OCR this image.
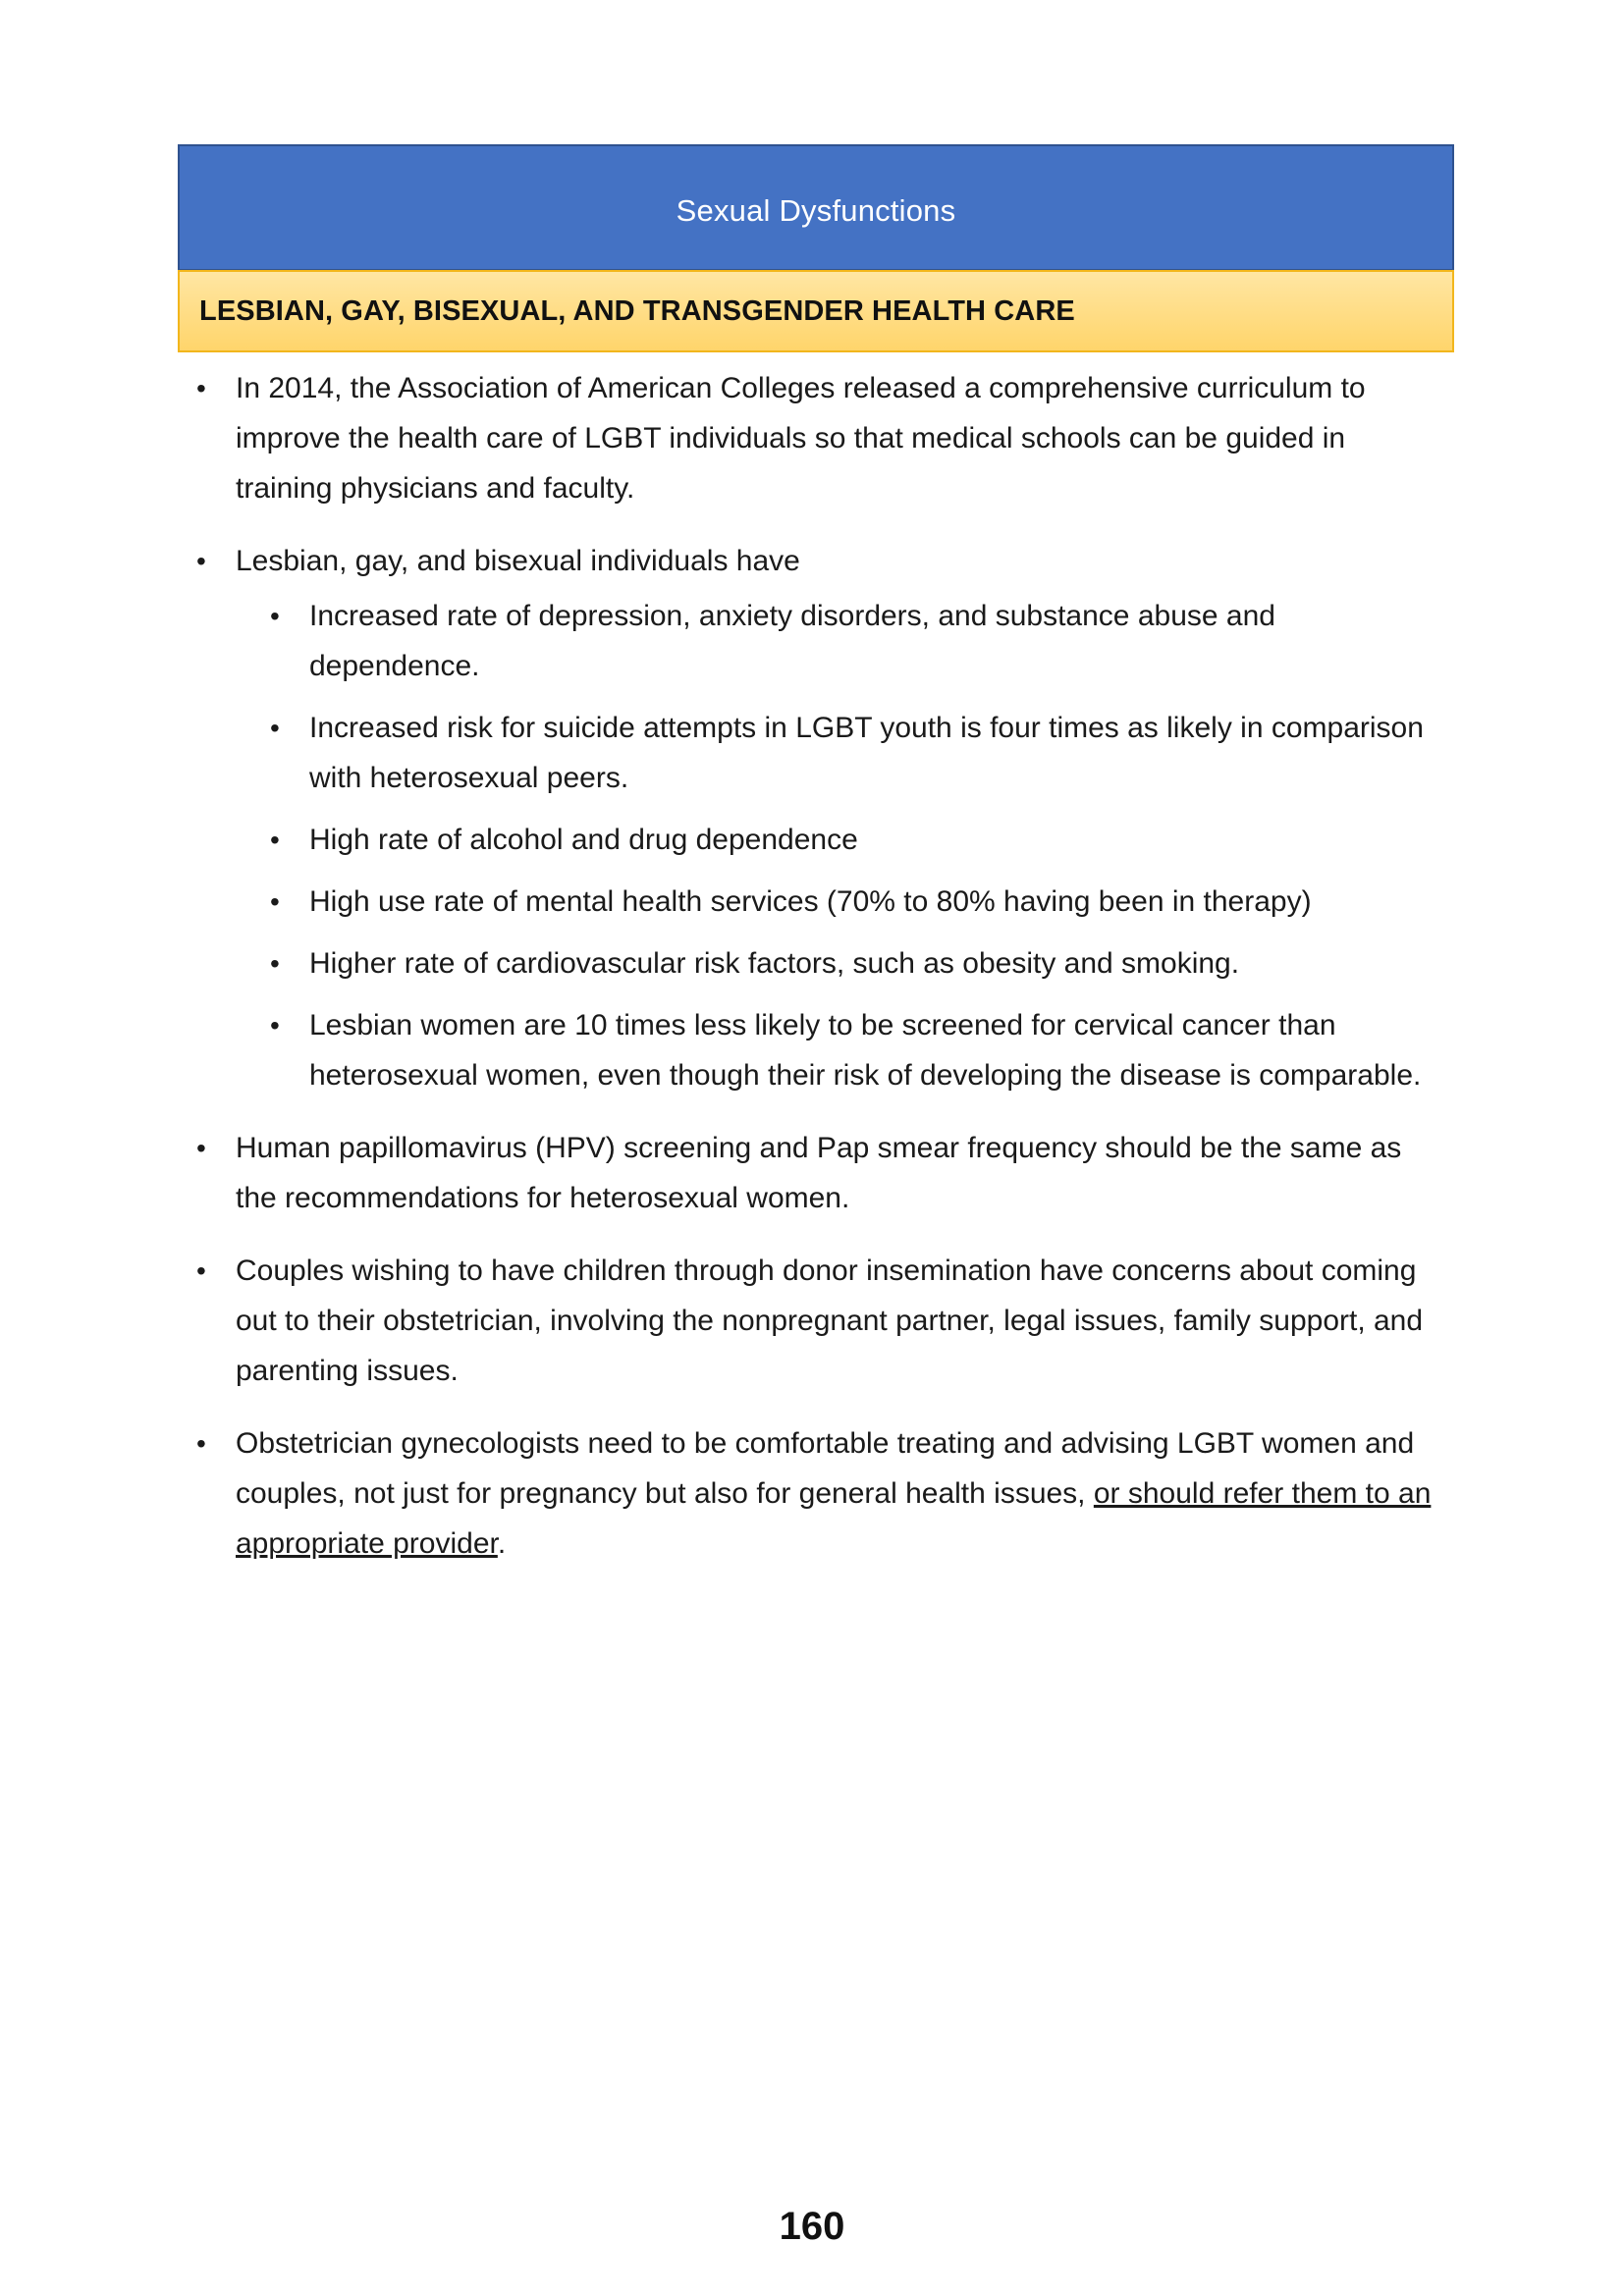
Sexual Dysfunctions
LESBIAN, GAY, BISEXUAL, AND TRANSGENDER HEALTH CARE
• In 2014, the Association of American Colleges released a comprehensive curriculum to improve the health care of LGBT individuals so that medical schools can be guided in training physicians and faculty.
• Lesbian, gay, and bisexual individuals have
• Increased rate of depression, anxiety disorders, and substance abuse and dependence.
• Increased risk for suicide attempts in LGBT youth is four times as likely in comparison with heterosexual peers.
• High rate of alcohol and drug dependence
• High use rate of mental health services (70% to 80% having been in therapy)
• Higher rate of cardiovascular risk factors, such as obesity and smoking.
• Lesbian women are 10 times less likely to be screened for cervical cancer than heterosexual women, even though their risk of developing the disease is comparable.
• Human papillomavirus (HPV) screening and Pap smear frequency should be the same as the recommendations for heterosexual women.
• Couples wishing to have children through donor insemination have concerns about coming out to their obstetrician, involving the nonpregnant partner, legal issues, family support, and parenting issues.
• Obstetrician gynecologists need to be comfortable treating and advising LGBT women and couples, not just for pregnancy but also for general health issues, or should refer them to an appropriate provider.
160
